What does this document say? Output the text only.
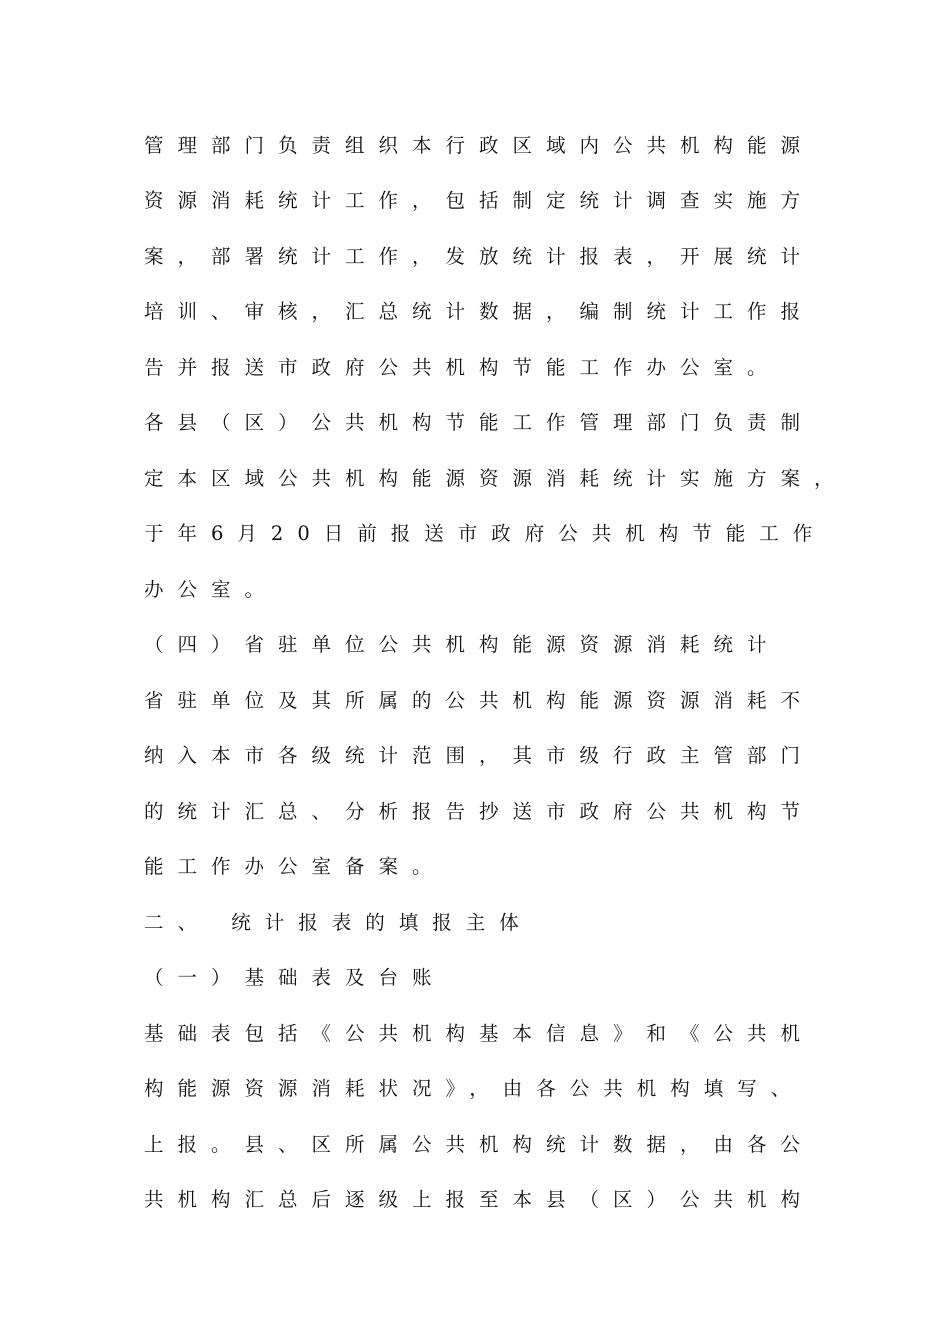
管理部门负责组织本行政区域内公共机构能源
资源消耗统计工作，包括制定统计调查实施方
案，部署统计工作，发放统计报表，开展统计
培训、审核，汇总统计数据，编制统计工作报
告并报送市政府公共机构节能工作办公室。
各县（区）公共机构节能工作管理部门负责制
定本区域公共机构能源资源消耗统计实施方案，
于年6月20日前报送市政府公共机构节能工作
办公室。
（四）省驻单位公共机构能源资源消耗统计
省驻单位及其所属的公共机构能源资源消耗不
纳入本市各级统计范围，其市级行政主管部门
的统计汇总、分析报告抄送市政府公共机构节
能工作办公室备案。
二、 统计报表的填报主体
（一）基础表及台账
基础表包括《公共机构基本信息》和《公共机
构能源资源消耗状况》，由各公共机构填写、
上报。县、区所属公共机构统计数据，由各公
共机构汇总后逐级上报至本县（区）公共机构
